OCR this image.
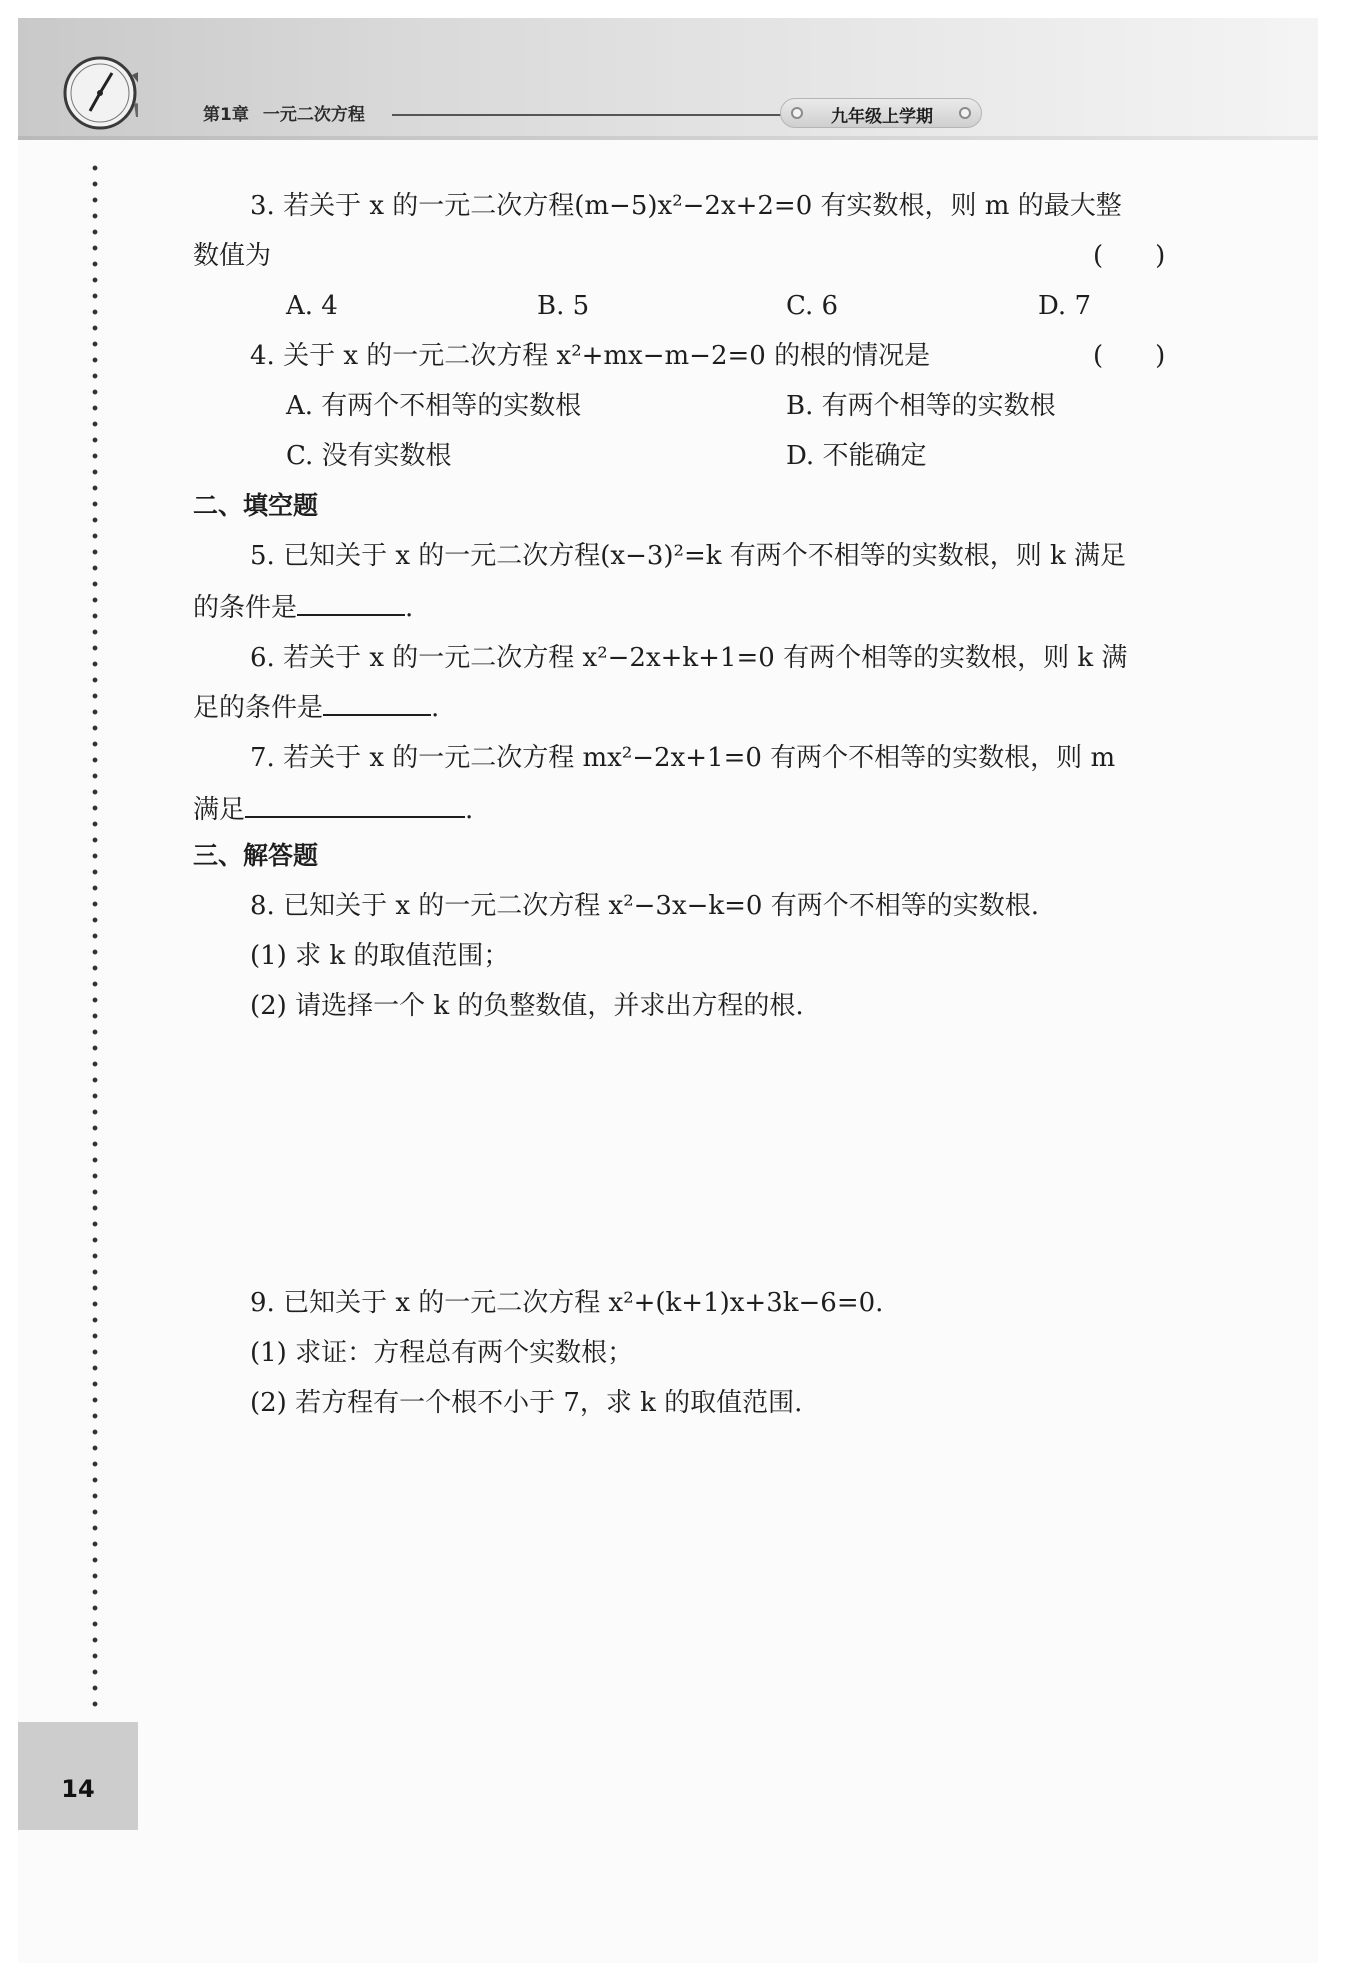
第1章 一元二次方程	九年级上学期
14
3. 若关于 x 的一元二次方程(m−5)x²−2x+2=0 有实数根，则 m 的最大整
数值为	(　　)
A. 4	B. 5	C. 6	D. 7
4. 关于 x 的一元二次方程 x²+mx−m−2=0 的根的情况是	(　　)
A. 有两个不相等的实数根	B. 有两个相等的实数根
C. 没有实数根	D. 不能确定
二、填空题
5. 已知关于 x 的一元二次方程(x−3)²=k 有两个不相等的实数根，则 k 满足
的条件是	.
6. 若关于 x 的一元二次方程 x²−2x+k+1=0 有两个相等的实数根，则 k 满
足的条件是	.
7. 若关于 x 的一元二次方程 mx²−2x+1=0 有两个不相等的实数根，则 m
满足	.
三、解答题
8. 已知关于 x 的一元二次方程 x²−3x−k=0 有两个不相等的实数根.
(1) 求 k 的取值范围；
(2) 请选择一个 k 的负整数值，并求出方程的根.
9. 已知关于 x 的一元二次方程 x²+(k+1)x+3k−6=0.
(1) 求证：方程总有两个实数根；
(2) 若方程有一个根不小于 7，求 k 的取值范围.
